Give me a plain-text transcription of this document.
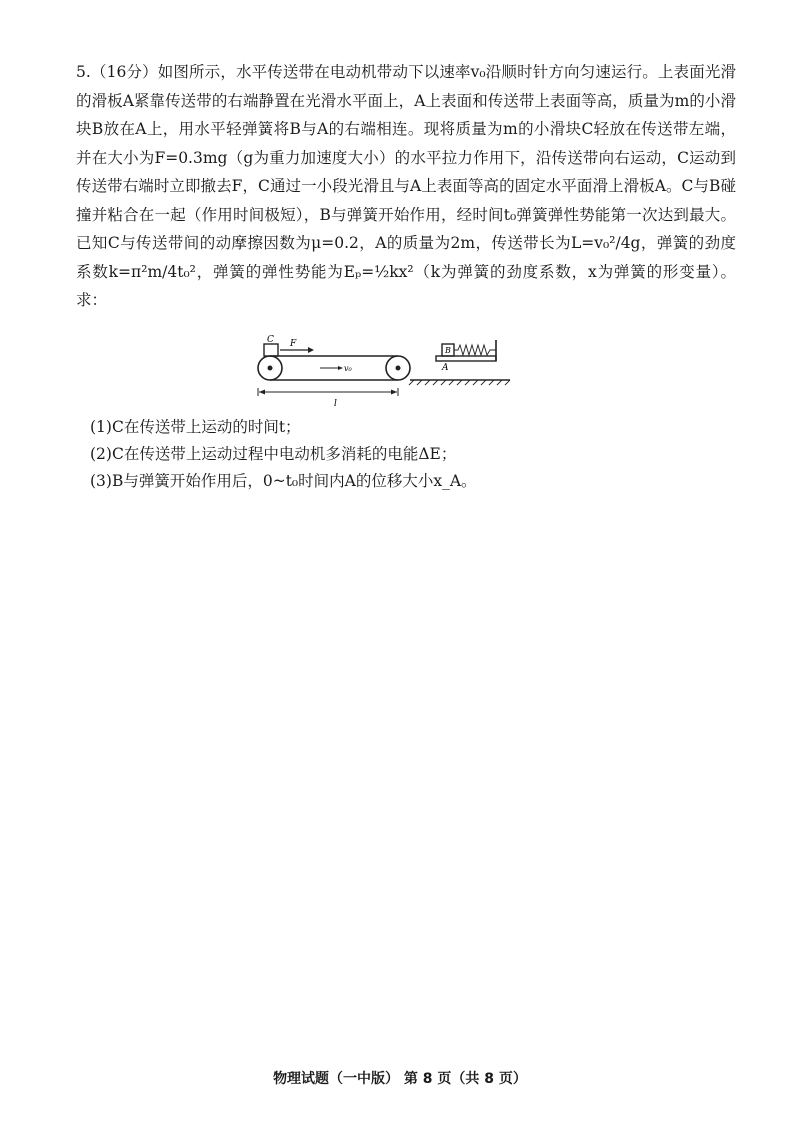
5.（16分）如图所示，水平传送带在电动机带动下以速率v₀沿顺时针方向匀速运行。上表面光滑的滑板A紧靠传送带的右端静置在光滑水平面上，A上表面和传送带上表面等高，质量为m的小滑块B放在A上，用水平轻弹簧将B与A的右端相连。现将质量为m的小滑块C轻放在传送带左端，并在大小为F=0.3mg（g为重力加速度大小）的水平拉力作用下，沿传送带向右运动，C运动到传送带右端时立即撤去F，C通过一小段光滑且与A上表面等高的固定水平面滑上滑板A。C与B碰撞并粘合在一起（作用时间极短），B与弹簧开始作用，经时间t₀弹簧弹性势能第一次达到最大。已知C与传送带间的动摩擦因数为μ=0.2，A的质量为2m，传送带长为L=v₀²/4g，弹簧的劲度系数k=π²m/4t₀²，弹簧的弹性势能为Eₚ=½kx²（k为弹簧的劲度系数，x为弹簧的形变量）。求：

C F
v₀	A
B
l
(1)C在传送带上运动的时间t；
(2)C在传送带上运动过程中电动机多消耗的电能ΔE；
(3)B与弹簧开始作用后，0~t₀时间内A的位移大小x_A。
物理试题（一中版） 第 8 页（共 8 页）
